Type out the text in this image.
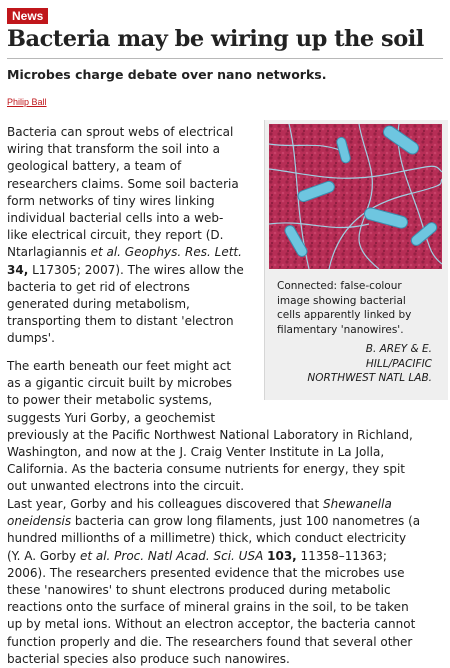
News
Bacteria may be wiring up the soil
Microbes charge debate over nano networks.
Philip Ball
Bacteria can sprout webs of electrical
wiring that transform the soil into a
geological battery, a team of
researchers claims. Some soil bacteria
form networks of tiny wires linking
individual bacterial cells into a web-
like electrical circuit, they report (D.
Ntarlagiannis et al. Geophys. Res. Lett.
34, L17305; 2007). The wires allow the
bacteria to get rid of electrons
generated during metabolism,
transporting them to distant 'electron
dumps'.
Connected: false-colour
image showing bacterial
cells apparently linked by
filamentary 'nanowires'.
B. AREY & E.
HILL/PACIFIC
NORTHWEST NATL LAB.
The earth beneath our feet might act
as a gigantic circuit built by microbes
to power their metabolic systems,
suggests Yuri Gorby, a geochemist
previously at the Pacific Northwest National Laboratory in Richland,
Washington, and now at the J. Craig Venter Institute in La Jolla,
California. As the bacteria consume nutrients for energy, they spit
out unwanted electrons into the circuit.
Last year, Gorby and his colleagues discovered that Shewanella
oneidensis bacteria can grow long filaments, just 100 nanometres (a
hundred millionths of a millimetre) thick, which conduct electricity
(Y. A. Gorby et al. Proc. Natl Acad. Sci. USA 103, 11358–11363;
2006). The researchers presented evidence that the microbes use
these 'nanowires' to shunt electrons produced during metabolic
reactions onto the surface of mineral grains in the soil, to be taken
up by metal ions. Without an electron acceptor, the bacteria cannot
function properly and die. The researchers found that several other
bacterial species also produce such nanowires.
